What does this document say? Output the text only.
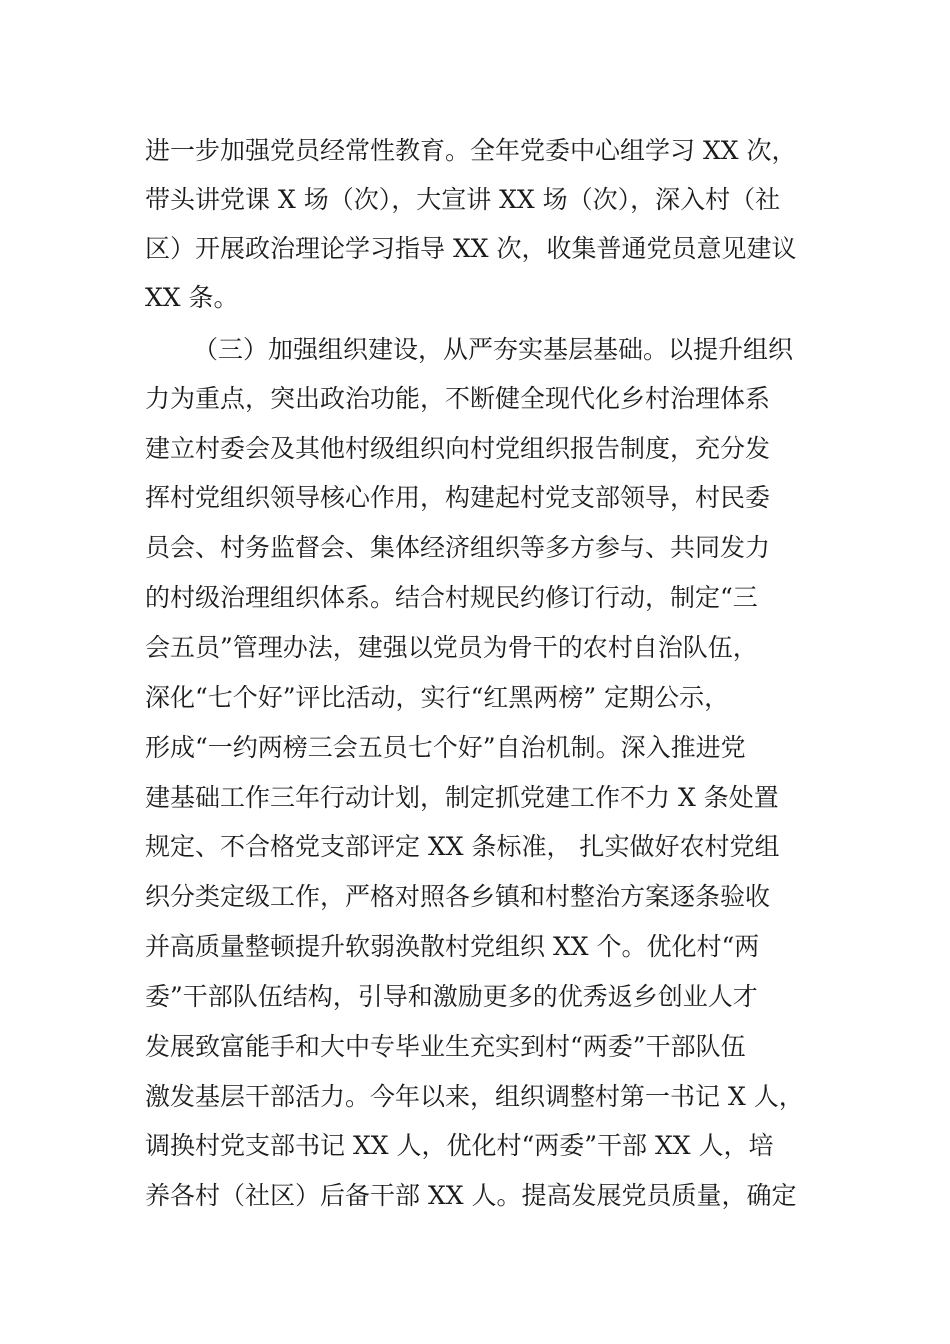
进一步加强党员经常性教育。全年党委中心组学习 XX 次，
带头讲党课 X 场（次），大宣讲 XX 场（次），深入村（社
区）开展政治理论学习指导 XX 次，收集普通党员意见建议
XX 条。
（三）加强组织建设，从严夯实基层基础。以提升组织
力为重点，突出政治功能，不断健全现代化乡村治理体系
建立村委会及其他村级组织向村党组织报告制度，充分发
挥村党组织领导核心作用，构建起村党支部领导，村民委
员会、村务监督会、集体经济组织等多方参与、共同发力
的村级治理组织体系。结合村规民约修订行动，制定“三
会五员”管理办法，建强以党员为骨干的农村自治队伍，
深化“七个好”评比活动，实行“红黑两榜” 定期公示，
形成“一约两榜三会五员七个好”自治机制。深入推进党
建基础工作三年行动计划，制定抓党建工作不力 X 条处置
规定、不合格党支部评定 XX 条标准， 扎实做好农村党组
织分类定级工作，严格对照各乡镇和村整治方案逐条验收
并高质量整顿提升软弱涣散村党组织 XX 个。优化村“两
委”干部队伍结构，引导和激励更多的优秀返乡创业人才
发展致富能手和大中专毕业生充实到村“两委”干部队伍
激发基层干部活力。今年以来，组织调整村第一书记 X 人，
调换村党支部书记 XX 人，优化村“两委”干部 XX 人，培
养各村（社区）后备干部 XX 人。提高发展党员质量，确定
